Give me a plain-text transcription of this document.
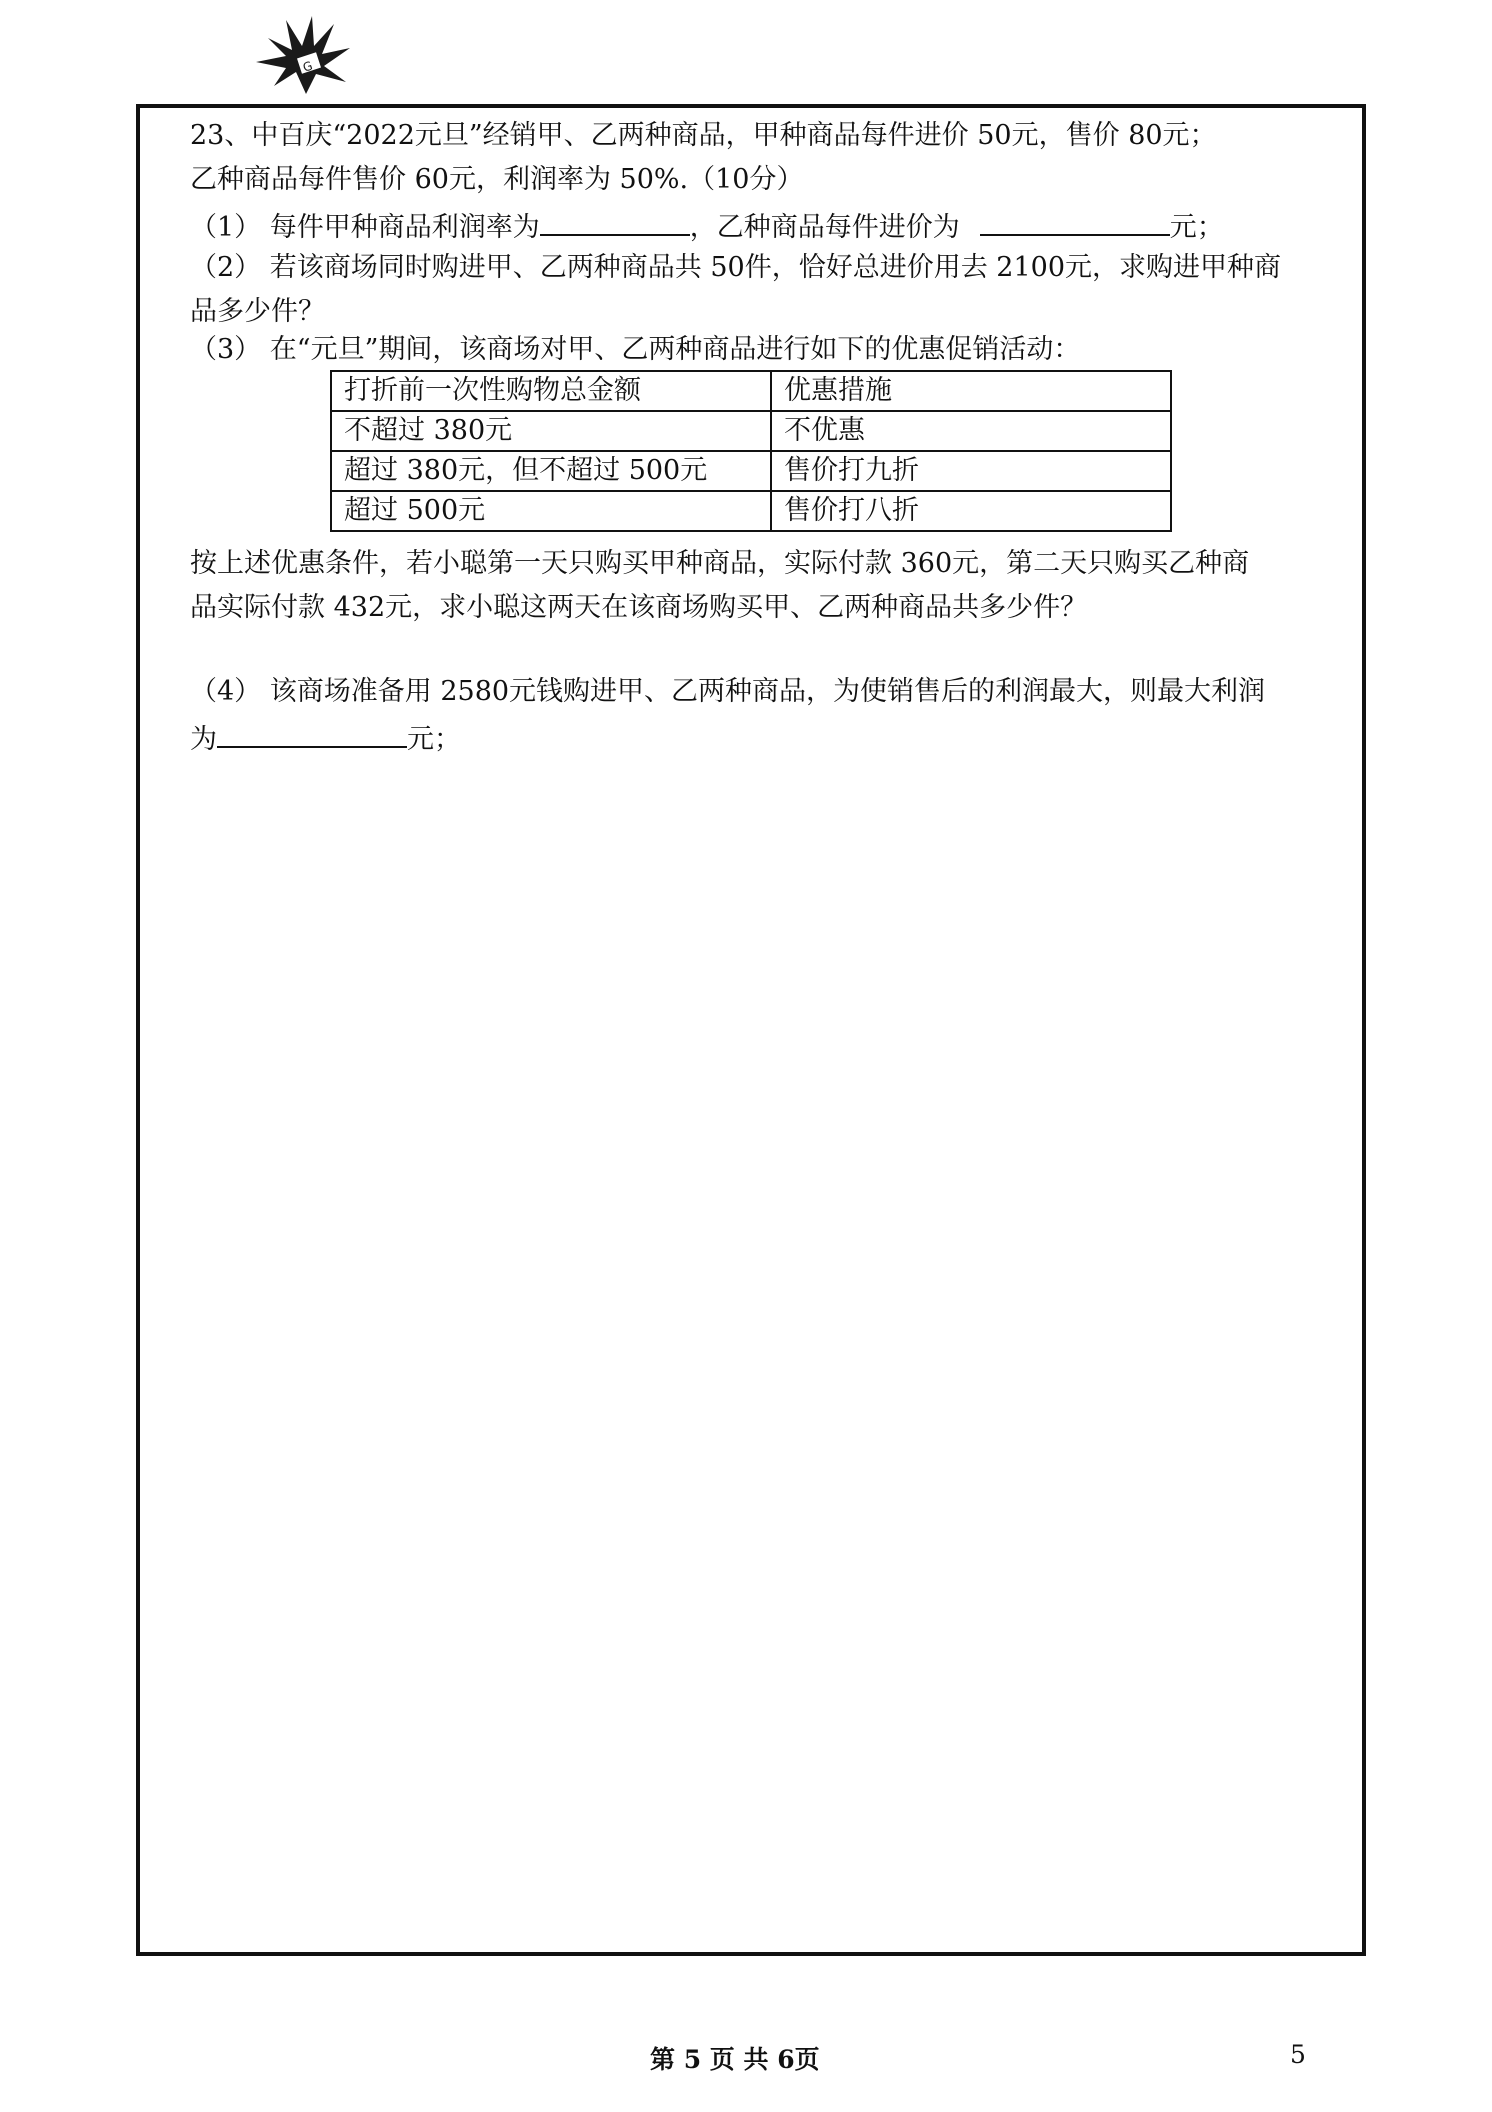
G
23、中百庆“2022元旦”经销甲、乙两种商品，甲种商品每件进价 50元，售价 80元；
乙种商品每件售价 60元，利润率为 50%.（10分）
（1） 每件甲种商品利润率为	，乙种商品每件进价为	元；
（2） 若该商场同时购进甲、乙两种商品共 50件，恰好总进价用去 2100元，求购进甲种商
品多少件？
（3） 在“元旦”期间，该商场对甲、乙两种商品进行如下的优惠促销活动：
打折前一次性购物总金额	优惠措施
不超过 380元	不优惠
超过 380元，但不超过 500元	售价打九折
超过 500元	售价打八折
按上述优惠条件，若小聪第一天只购买甲种商品，实际付款 360元，第二天只购买乙种商
品实际付款 432元，求小聪这两天在该商场购买甲、乙两种商品共多少件？
（4） 该商场准备用 2580元钱购进甲、乙两种商品，为使销售后的利润最大，则最大利润
为	元；
第 5 页 共 6页	5
